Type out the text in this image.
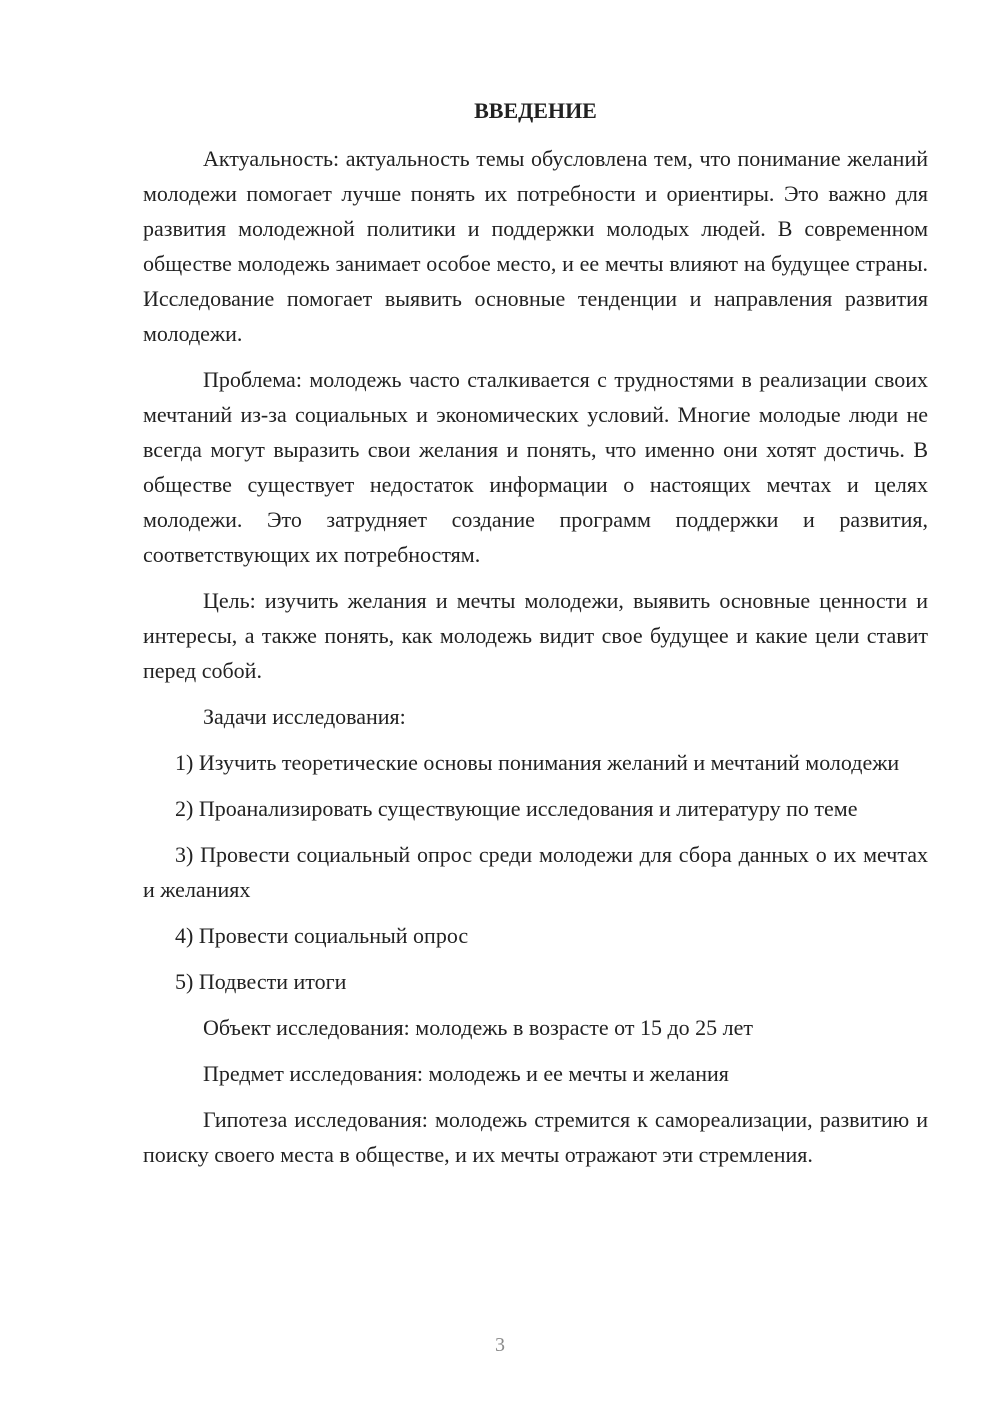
ВВЕДЕНИЕ

Актуальность: актуальность темы обусловлена тем, что понимание желаний молодежи помогает лучше понять их потребности и ориентиры. Это важно для развития молодежной политики и поддержки молодых людей. В современном обществе молодежь занимает особое место, и ее мечты влияют на будущее страны. Исследование помогает выявить основные тенденции и направления развития молодежи.

Проблема: молодежь часто сталкивается с трудностями в реализации своих мечтаний из-за социальных и экономических условий. Многие молодые люди не всегда могут выразить свои желания и понять, что именно они хотят достичь. В обществе существует недостаток информации о настоящих мечтах и целях молодежи. Это затрудняет создание программ поддержки и развития, соответствующих их потребностям.

Цель: изучить желания и мечты молодежи, выявить основные ценности и интересы, а также понять, как молодежь видит свое будущее и какие цели ставит перед собой.

Задачи исследования:

1) Изучить теоретические основы понимания желаний и мечтаний молодежи

2) Проанализировать существующие исследования и литературу по теме

3) Провести социальный опрос среди молодежи для сбора данных о их мечтах и желаниях

4) Провести социальный опрос

5) Подвести итоги

Объект исследования: молодежь в возрасте от 15 до 25 лет

Предмет исследования: молодежь и ее мечты и желания

Гипотеза исследования: молодежь стремится к самореализации, развитию и поиску своего места в обществе, и их мечты отражают эти стремления.

3
